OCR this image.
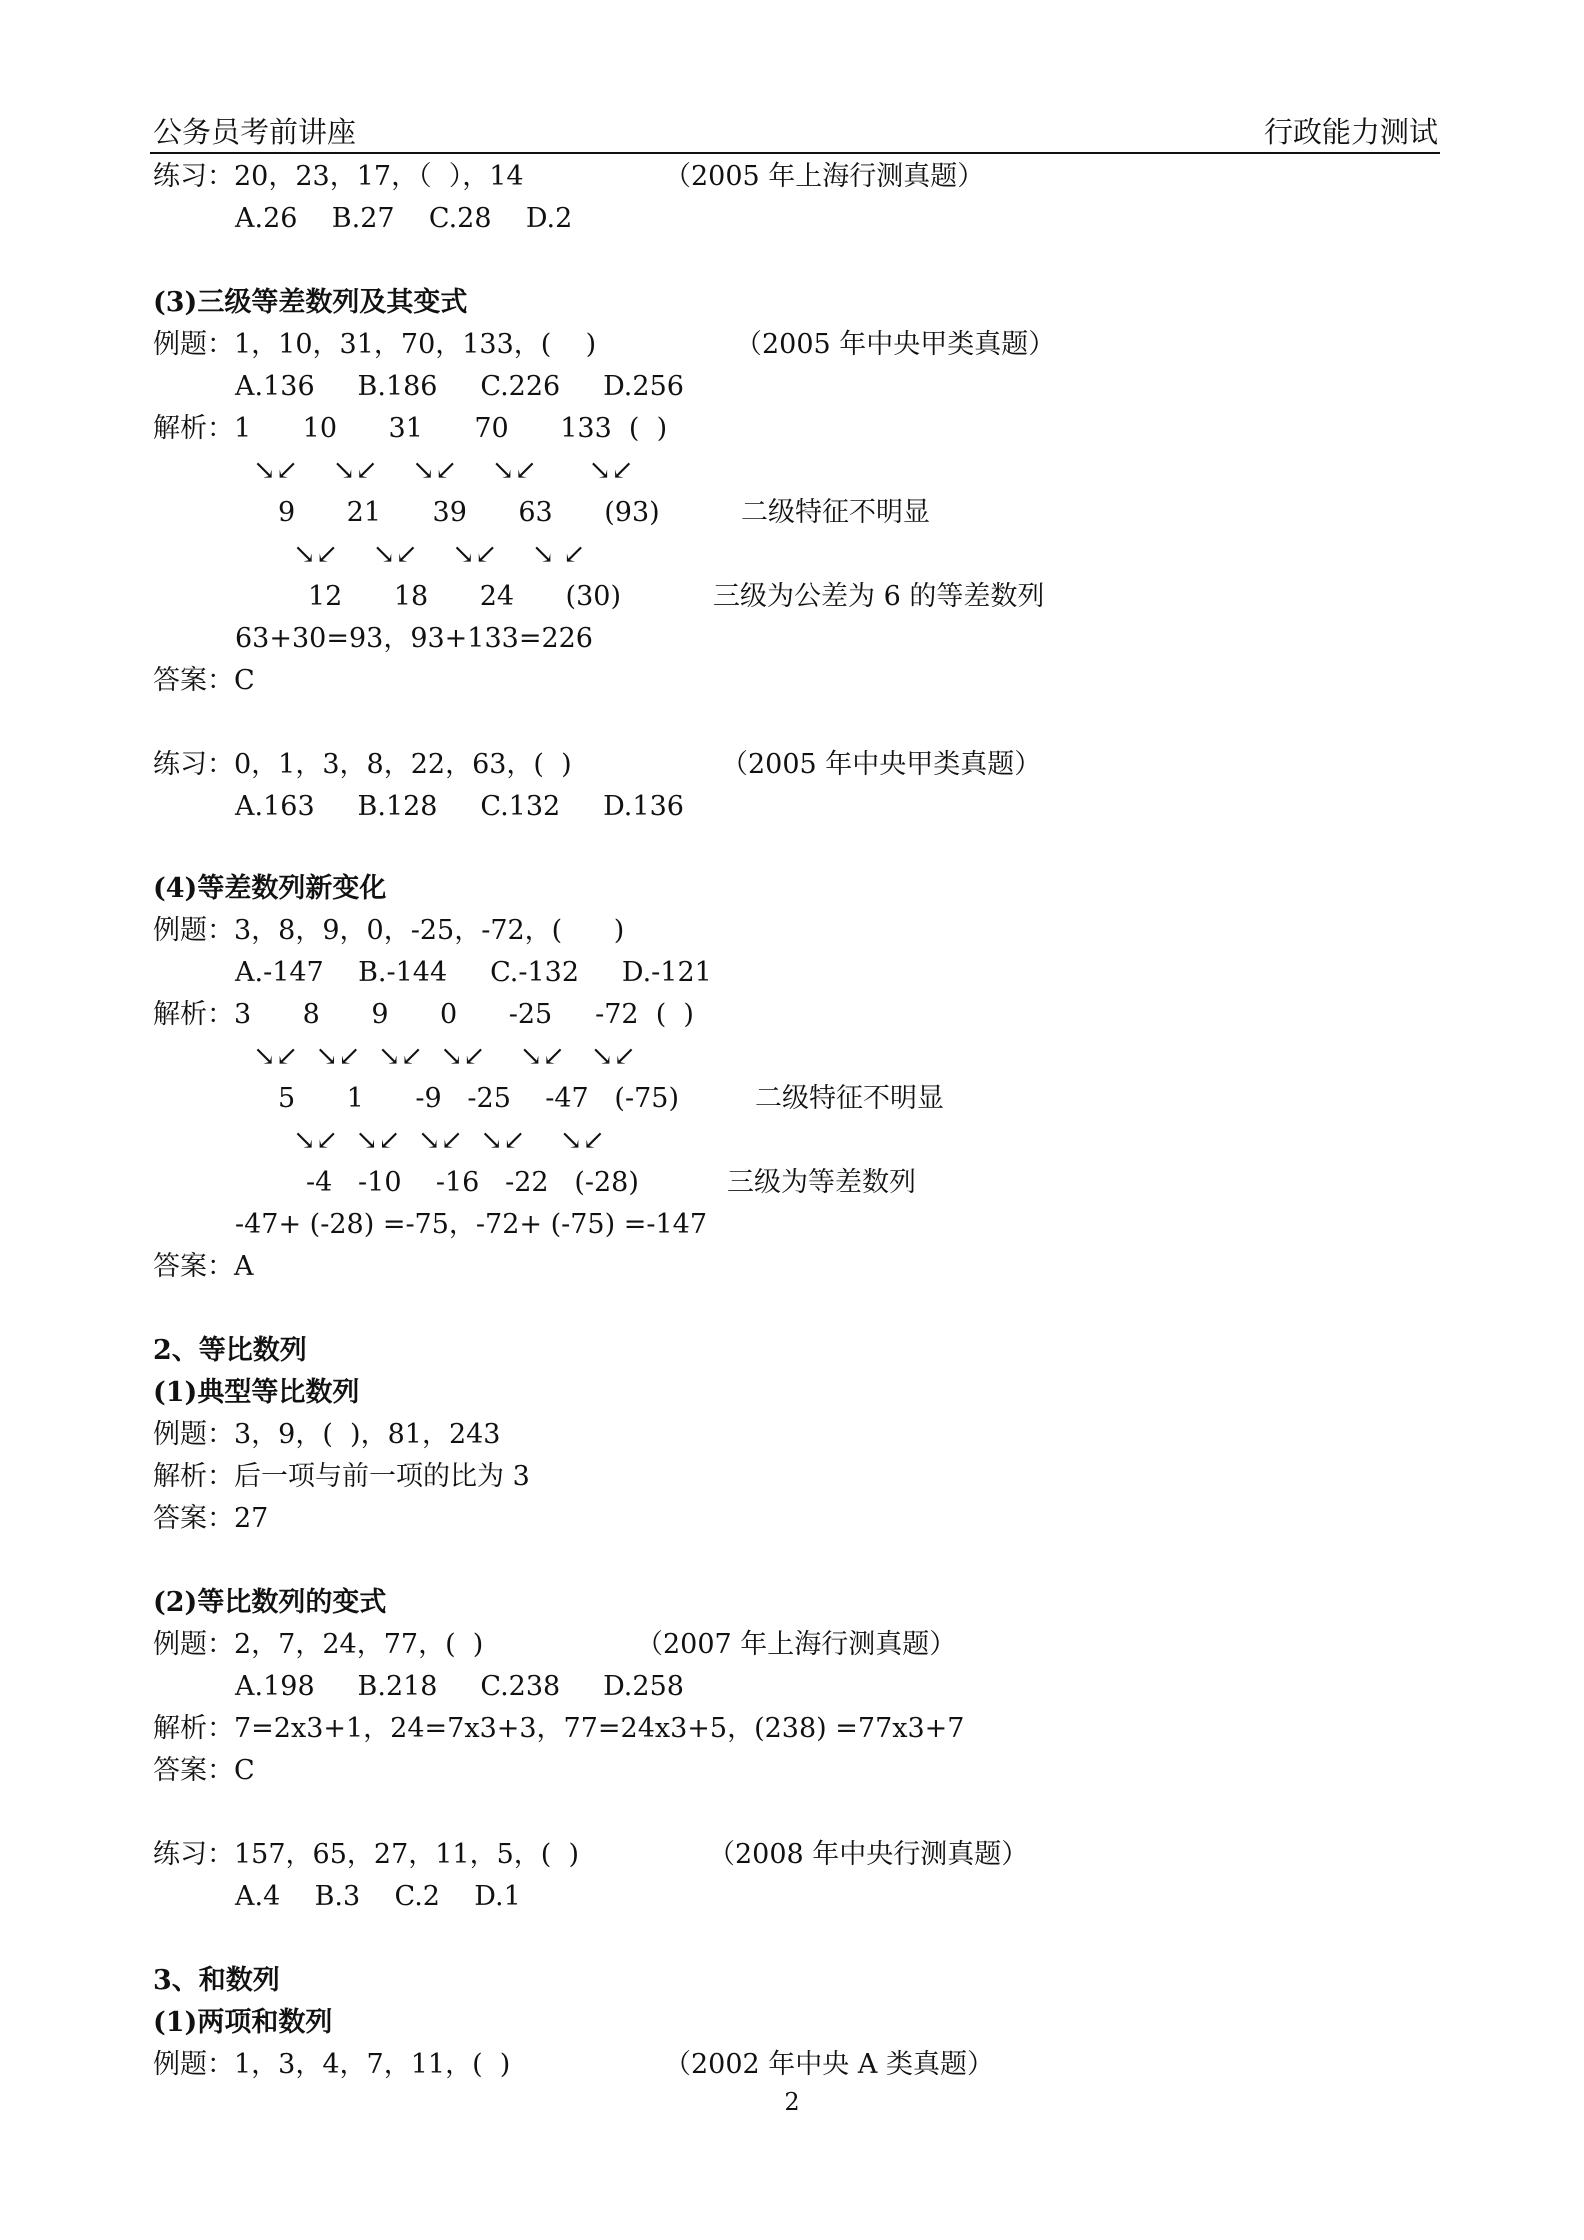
公务员考前讲座	行政能力测试
练习：20，23，17，（  ），14	（2005 年上海行测真题）
A.26    B.27    C.28    D.2
(3)三级等差数列及其变式
例题：1，10，31，70，133，(    )	（2005 年中央甲类真题）
A.136     B.186     C.226     D.256
解析：1      10      31      70      133  (  )
↘↙    ↘↙    ↘↙    ↘↙      ↘↙
9      21      39      63      (93)	二级特征不明显
↘↙    ↘↙    ↘↙    ↘ ↙
12      18      24      (30)	三级为公差为 6 的等差数列
63+30=93，93+133=226
答案：C
练习：0，1，3，8，22，63，(  )	（2005 年中央甲类真题）
A.163     B.128     C.132     D.136
(4)等差数列新变化
例题：3，8，9，0，-25，-72，(      )
A.-147    B.-144     C.-132     D.-121
解析：3      8      9      0      -25     -72  (  )
↘↙  ↘↙  ↘↙  ↘↙    ↘↙   ↘↙
5      1      -9   -25    -47   (-75)	二级特征不明显
↘↙  ↘↙  ↘↙  ↘↙    ↘↙
-4   -10    -16   -22   (-28)	三级为等差数列
-47+ (-28) =-75，-72+ (-75) =-147
答案：A
2、等比数列
(1)典型等比数列
例题：3，9，(  )，81，243
解析：后一项与前一项的比为 3
答案：27
(2)等比数列的变式
例题：2，7，24，77，(  )	（2007 年上海行测真题）
A.198     B.218     C.238     D.258
解析：7=2x3+1，24=7x3+3，77=24x3+5，(238) =77x3+7
答案：C
练习：157，65，27，11，5，(  )	（2008 年中央行测真题）
A.4    B.3    C.2    D.1
3、和数列
(1)两项和数列
例题：1，3，4，7，11，(  )	（2002 年中央 A 类真题）
2
